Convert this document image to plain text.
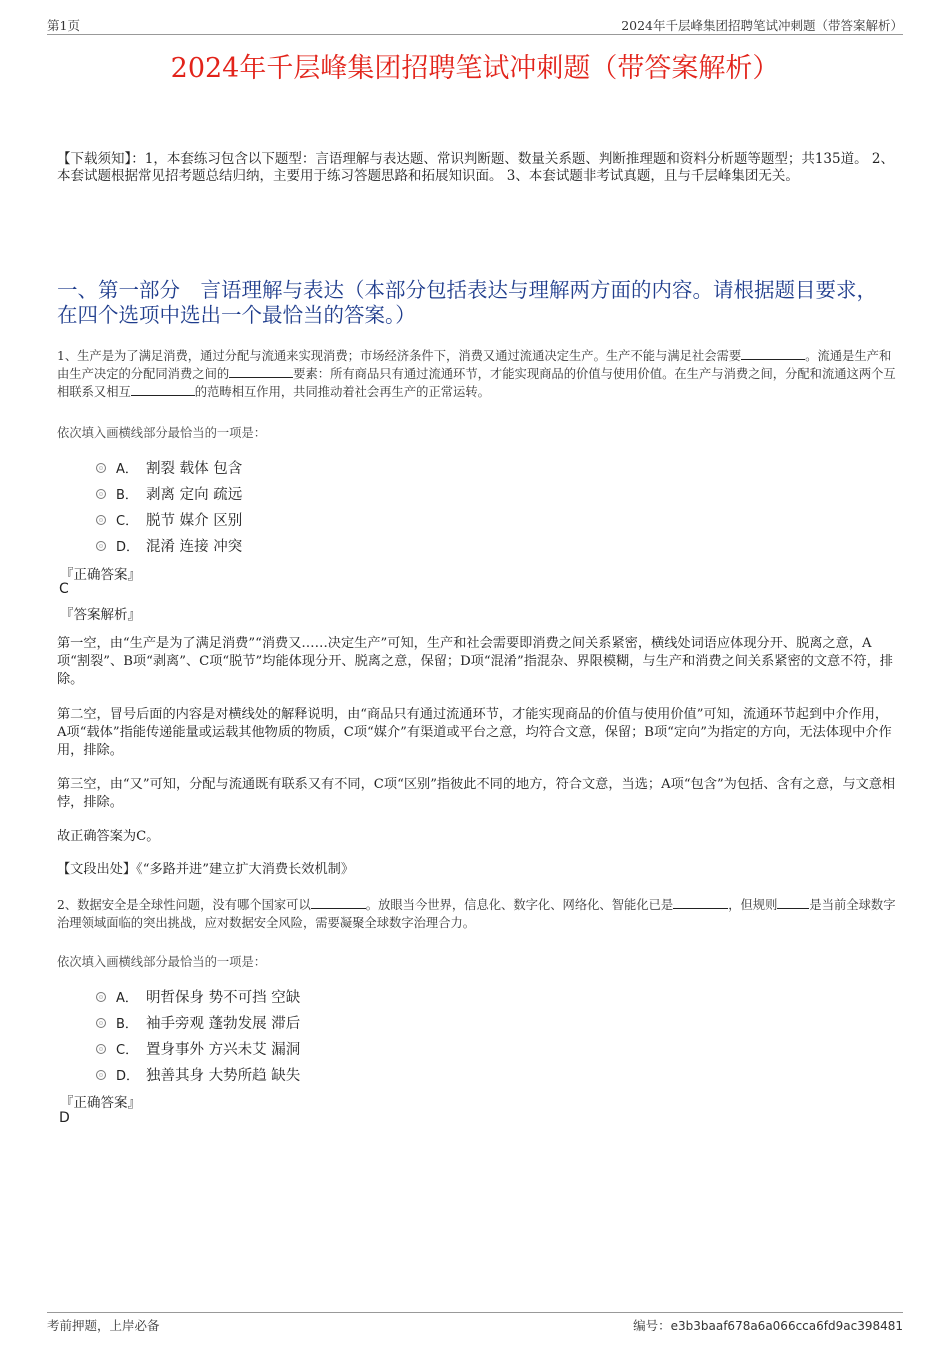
第1页	2024年千层峰集团招聘笔试冲刺题（带答案解析）
2024年千层峰集团招聘笔试冲刺题（带答案解析）
【下载须知】：1，本套练习包含以下题型：言语理解与表达题、常识判断题、数量关系题、判断推理题和资料分析题等题型；共135道。 2、本套试题根据常见招考题总结归纳，主要用于练习答题思路和拓展知识面。 3、本套试题非考试真题，且与千层峰集团无关。
一、第一部分　言语理解与表达（本部分包括表达与理解两方面的内容。请根据题目要求，在四个选项中选出一个最恰当的答案。）
1、生产是为了满足消费，通过分配与流通来实现消费；市场经济条件下，消费又通过流通决定生产。生产不能与满足社会需要	。流通是生产和由生产决定的分配同消费之间的	要素：所有商品只有通过流通环节，才能实现商品的价值与使用价值。在生产与消费之间，分配和流通这两个互相联系又相互	的范畴相互作用，共同推动着社会再生产的正常运转。
依次填入画横线部分最恰当的一项是：
A． 割裂 载体 包含
B． 剥离 定向 疏远
C． 脱节 媒介 区别
D． 混淆 连接 冲突
『正确答案』
C
『答案解析』
第一空，由“生产是为了满足消费”“消费又……决定生产”可知，生产和社会需要即消费之间关系紧密，横线处词语应体现分开、脱离之意，A项“割裂”、B项“剥离”、C项“脱节”均能体现分开、脱离之意，保留；D项“混淆”指混杂、界限模糊，与生产和消费之间关系紧密的文意不符，排除。
第二空，冒号后面的内容是对横线处的解释说明，由“商品只有通过流通环节，才能实现商品的价值与使用价值”可知，流通环节起到中介作用，A项“载体”指能传递能量或运载其他物质的物质，C项“媒介”有渠道或平台之意，均符合文意，保留；B项“定向”为指定的方向，无法体现中介作用，排除。
第三空，由“又”可知，分配与流通既有联系又有不同，C项“区别”指彼此不同的地方，符合文意，当选；A项“包含”为包括、含有之意，与文意相悖，排除。
故正确答案为C。
【文段出处】《“多路并进”建立扩大消费长效机制》
2、数据安全是全球性问题，没有哪个国家可以	。放眼当今世界，信息化、数字化、网络化、智能化已是	，但规则	是当前全球数字治理领域面临的突出挑战，应对数据安全风险，需要凝聚全球数字治理合力。
依次填入画横线部分最恰当的一项是：
A． 明哲保身 势不可挡 空缺
B． 袖手旁观 蓬勃发展 滞后
C． 置身事外 方兴未艾 漏洞
D． 独善其身 大势所趋 缺失
『正确答案』
D
考前押题，上岸必备	编号：e3b3baaf678a6a066cca6fd9ac398481
